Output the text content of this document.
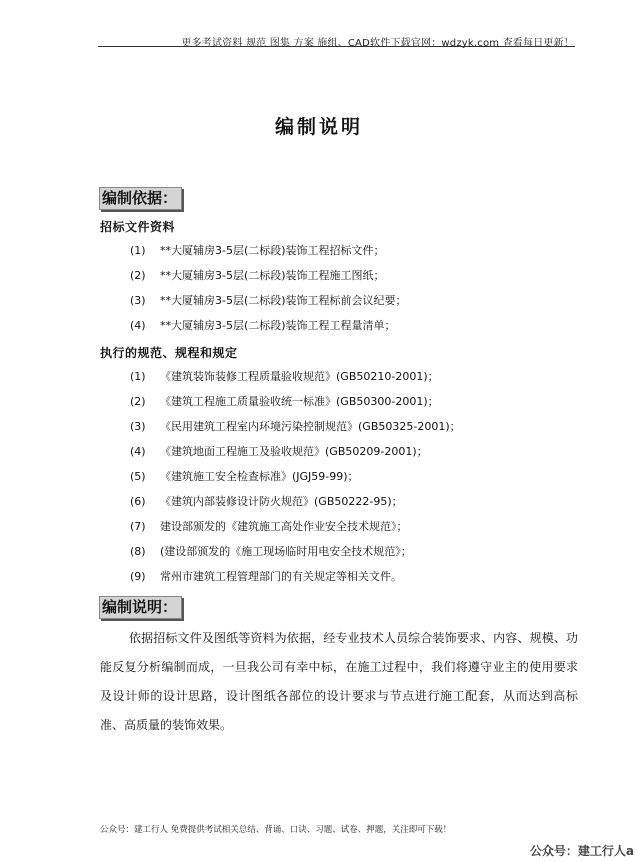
更多考试资料 规范 图集 方案 施组、CAD软件下载官网：wdzyk.com 查看每日更新！
编制说明
编制依据：
招标文件资料
(1) **大厦辅房3-5层(二标段)装饰工程招标文件；
(2) **大厦辅房3-5层(二标段)装饰工程施工图纸；
(3) **大厦辅房3-5层(二标段)装饰工程标前会议纪要；
(4) **大厦辅房3-5层(二标段)装饰工程工程量清单；
执行的规范、规程和规定
(1) 《建筑装饰装修工程质量验收规范》(GB50210-2001)；
(2) 《建筑工程施工质量验收统一标准》(GB50300-2001)；
(3) 《民用建筑工程室内环境污染控制规范》(GB50325-2001)；
(4) 《建筑地面工程施工及验收规范》(GB50209-2001)；
(5) 《建筑施工安全检查标准》(JGJ59-99)；
(6) 《建筑内部装修设计防火规范》(GB50222-95)；
(7) 建设部颁发的《建筑施工高处作业安全技术规范》；
(8) (建设部颁发的《施工现场临时用电安全技术规范》；
(9) 常州市建筑工程管理部门的有关规定等相关文件。
编制说明：

依据招标文件及图纸等资料为依据，经专业技术人员综合装饰要求、内容、规模、功能反复分析编制而成，一旦我公司有幸中标，在施工过程中，我们将遵守业主的使用要求及设计师的设计思路，设计图纸各部位的设计要求与节点进行施工配套，从而达到高标准、高质量的装饰效果。

公众号：建工行人 免费提供考试相关总结、背诵、口诀、习题、试卷、押题，关注即可下载！
公众号：建工行人a
